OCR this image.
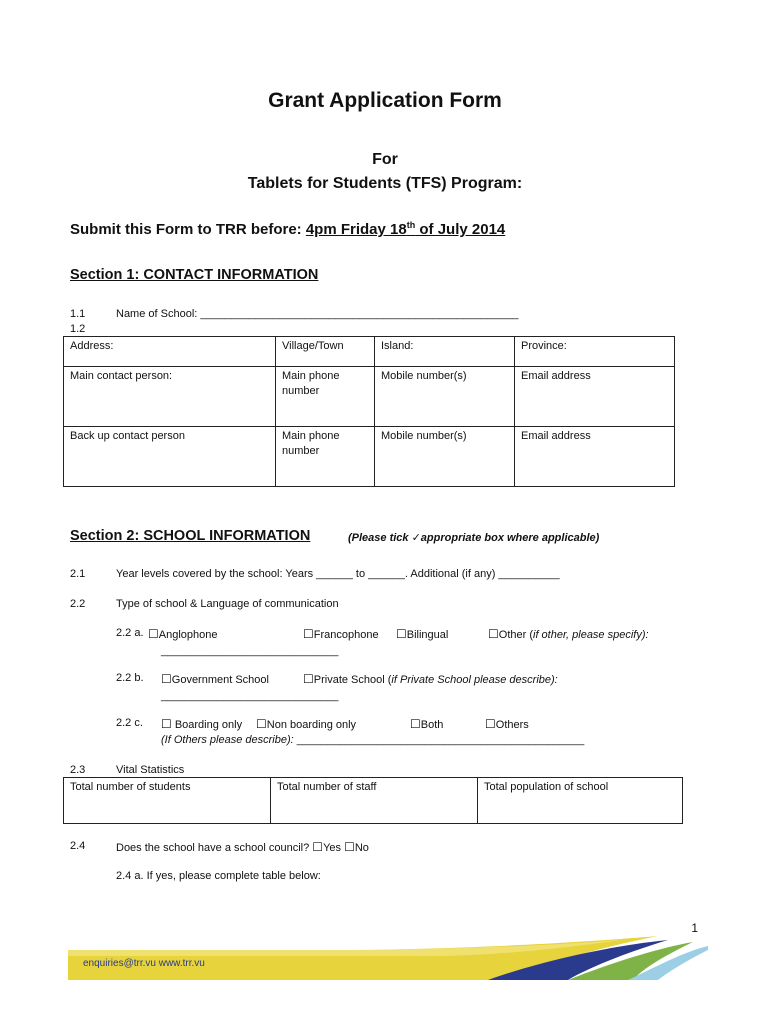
Grant Application Form
For
Tablets for Students (TFS) Program:
Submit this Form to TRR before: 4pm Friday 18th of July 2014
Section 1: CONTACT INFORMATION
1.1	Name of School: ____________________________________________________
1.2
Address:	Village/Town	Island:	Province:
Main contact person:	Main phone number	Mobile number(s)	Email address
Back up contact person	Main phone number	Mobile number(s)	Email address
Section 2: SCHOOL INFORMATION	(Please tick ✓appropriate box where applicable)
2.1	Year levels covered by the school: Years ______ to ______. Additional (if any) __________
2.2	Type of school & Language of communication
2.2 a. ☐Anglophone	☐Francophone ☐Bilingual	☐Other (if other, please specify):
_____________________________
2.2 b. ☐Government School	☐Private School (if Private School please describe):
_____________________________
2.2 c. ☐ Boarding only ☐Non boarding only	☐Both	☐Others
(If Others please describe): _______________________________________________
2.3	Vital Statistics
Total number of students	Total number of staff	Total population of school
2.4	Does the school have a school council? ☐Yes ☐No
2.4 a. If yes, please complete table below:
1
enquiries@trr.vu www.trr.vu
